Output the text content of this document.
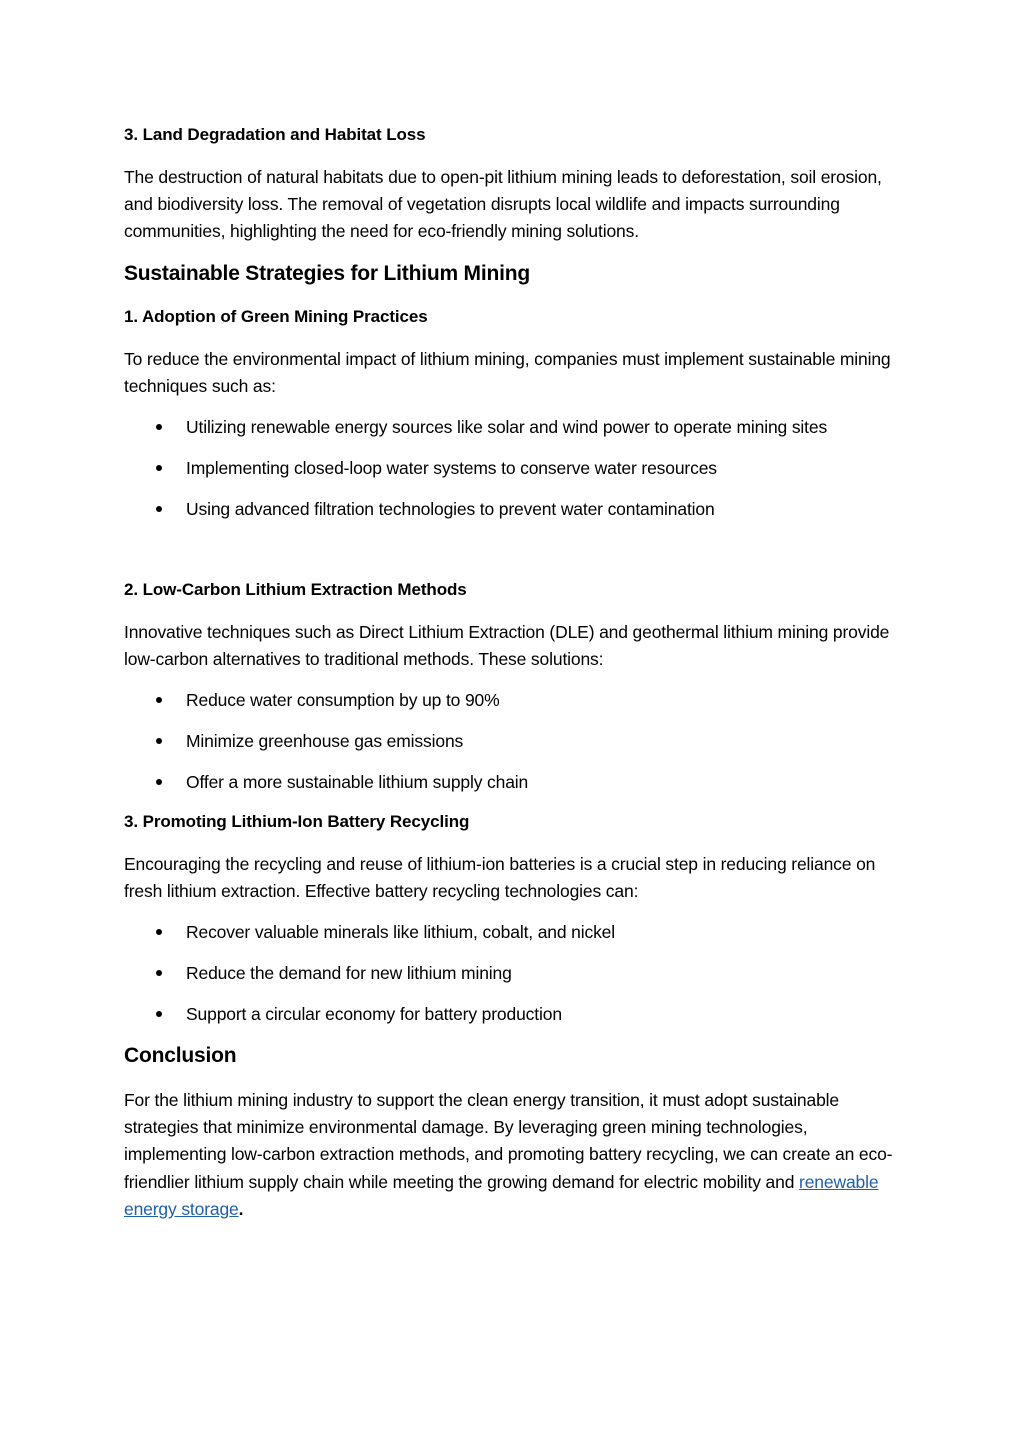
3. Land Degradation and Habitat Loss

The destruction of natural habitats due to open-pit lithium mining leads to deforestation, soil erosion, and biodiversity loss. The removal of vegetation disrupts local wildlife and impacts surrounding communities, highlighting the need for eco-friendly mining solutions.

Sustainable Strategies for Lithium Mining
1. Adoption of Green Mining Practices

To reduce the environmental impact of lithium mining, companies must implement sustainable mining techniques such as:

Utilizing renewable energy sources like solar and wind power to operate mining sites
Implementing closed-loop water systems to conserve water resources
Using advanced filtration technologies to prevent water contamination
2. Low-Carbon Lithium Extraction Methods

Innovative techniques such as Direct Lithium Extraction (DLE) and geothermal lithium mining provide low-carbon alternatives to traditional methods. These solutions:

Reduce water consumption by up to 90%
Minimize greenhouse gas emissions
Offer a more sustainable lithium supply chain
3. Promoting Lithium-Ion Battery Recycling

Encouraging the recycling and reuse of lithium-ion batteries is a crucial step in reducing reliance on fresh lithium extraction. Effective battery recycling technologies can:

Recover valuable minerals like lithium, cobalt, and nickel
Reduce the demand for new lithium mining
Support a circular economy for battery production
Conclusion

For the lithium mining industry to support the clean energy transition, it must adopt sustainable strategies that minimize environmental damage. By leveraging green mining technologies, implementing low-carbon extraction methods, and promoting battery recycling, we can create an eco-friendlier lithium supply chain while meeting the growing demand for electric mobility and renewable energy storage.
